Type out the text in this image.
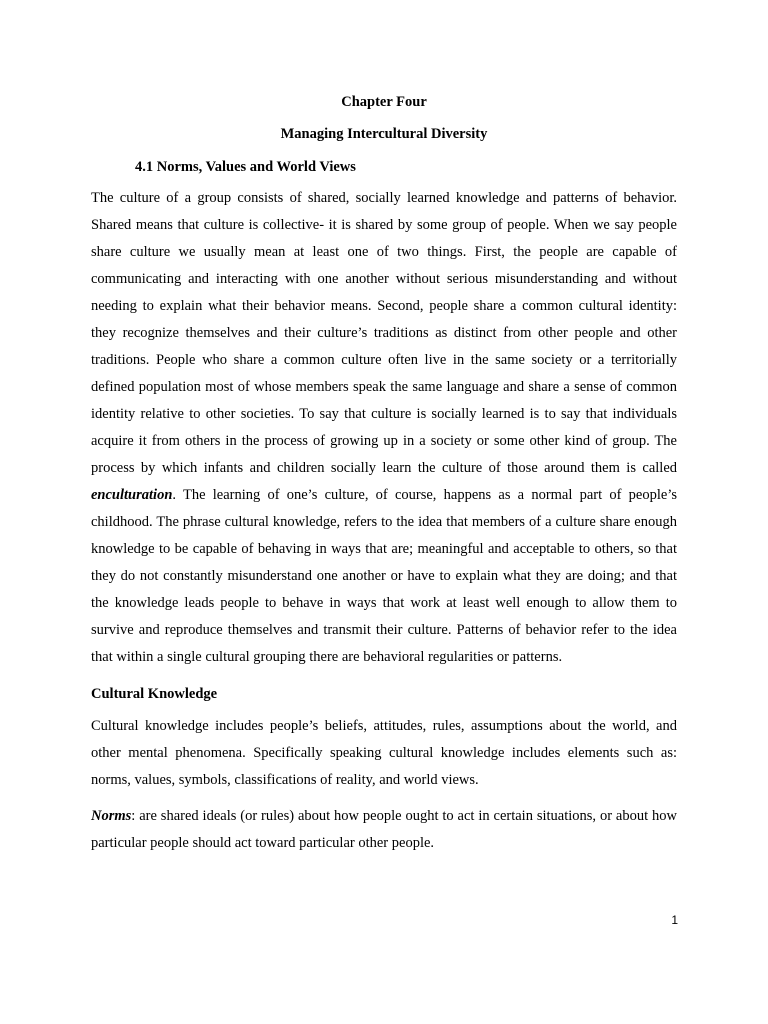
Chapter Four
Managing Intercultural Diversity
4.1 Norms, Values and World Views

The culture of a group consists of shared, socially learned knowledge and patterns of behavior. Shared means that culture is collective- it is shared by some group of people. When we say people share culture we usually mean at least one of two things. First, the people are capable of communicating and interacting with one another without serious misunderstanding and without needing to explain what their behavior means. Second, people share a common cultural identity: they recognize themselves and their culture’s traditions as distinct from other people and other traditions. People who share a common culture often live in the same society or a territorially defined population most of whose members speak the same language and share a sense of common identity relative to other societies. To say that culture is socially learned is to say that individuals acquire it from others in the process of growing up in a society or some other kind of group. The process by which infants and children socially learn the culture of those around them is called enculturation. The learning of one’s culture, of course, happens as a normal part of people’s childhood. The phrase cultural knowledge, refers to the idea that members of a culture share enough knowledge to be capable of behaving in ways that are; meaningful and acceptable to others, so that they do not constantly misunderstand one another or have to explain what they are doing; and that the knowledge leads people to behave in ways that work at least well enough to allow them to survive and reproduce themselves and transmit their culture. Patterns of behavior refer to the idea that within a single cultural grouping there are behavioral regularities or patterns.

Cultural Knowledge

Cultural knowledge includes people’s beliefs, attitudes, rules, assumptions about the world, and other mental phenomena. Specifically speaking cultural knowledge includes elements such as: norms, values, symbols, classifications of reality, and world views.

Norms: are shared ideals (or rules) about how people ought to act in certain situations, or about how particular people should act toward particular other people.

1
